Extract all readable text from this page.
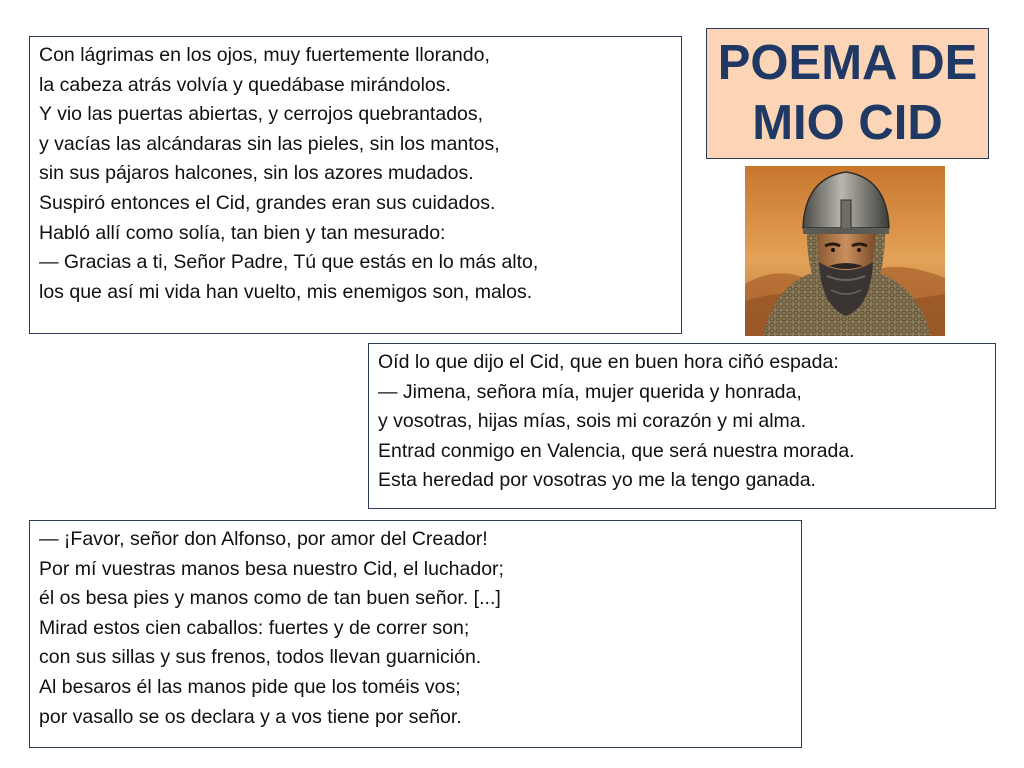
Con lágrimas en los ojos, muy fuertemente llorando,
la cabeza atrás volvía y quedábase mirándolos.
Y vio las puertas abiertas, y cerrojos quebrantados,
y vacías las alcándaras sin las pieles, sin los mantos,
sin sus pájaros halcones, sin los azores mudados.
Suspiró entonces el Cid, grandes eran sus cuidados.
Habló allí como solía, tan bien y tan mesurado:
— Gracias a ti, Señor Padre, Tú que estás en lo más alto,
los que así mi vida han vuelto, mis enemigos son, malos.
POEMA DE
MIO CID
Oíd lo que dijo el Cid, que en buen hora ciñó espada:
— Jimena, señora mía, mujer querida y honrada,
y vosotras, hijas mías, sois mi corazón y mi alma.
Entrad conmigo en Valencia, que será nuestra morada.
Esta heredad por vosotras yo me la tengo ganada.
— ¡Favor, señor don Alfonso, por amor del Creador!
Por mí vuestras manos besa nuestro Cid, el luchador;
él os besa pies y manos como de tan buen señor. [...]
Mirad estos cien caballos: fuertes y de correr son;
con sus sillas y sus frenos, todos llevan guarnición.
Al besaros él las manos pide que los toméis vos;
por vasallo se os declara y a vos tiene por señor.
